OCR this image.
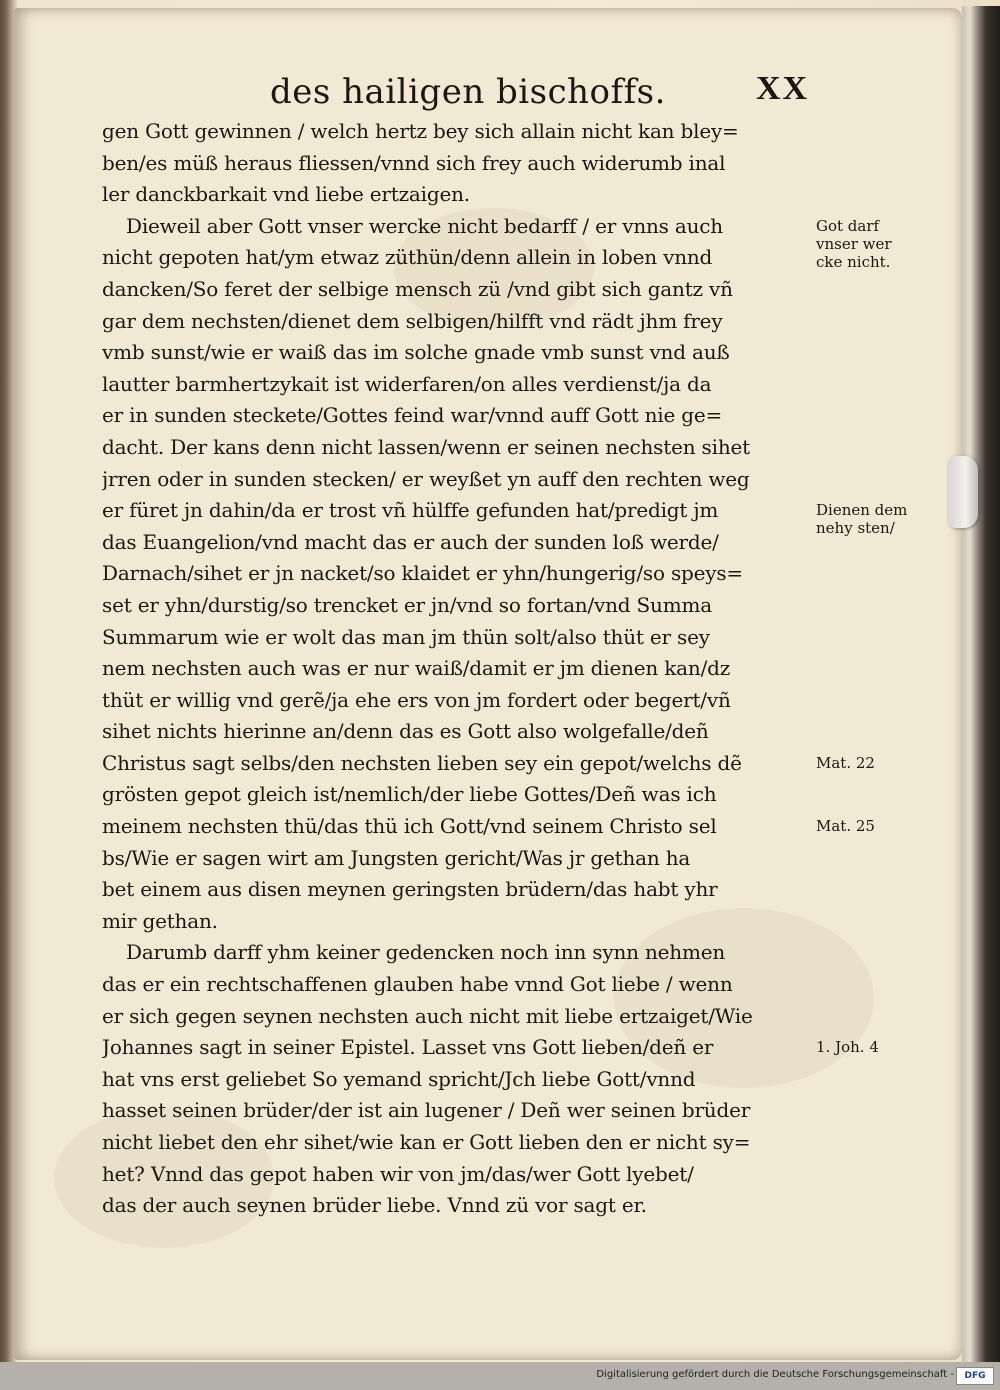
des hailigen bischoffs.	XX
gen Gott gewinnen / welch hertz bey sich allain nicht kan bley=
ben/es müß heraus fliessen/vnnd sich frey auch widerumb inal
ler danckbarkait vnd liebe ertzaigen.
Dieweil aber Gott vnser wercke nicht bedarff / er vnns auch
nicht gepoten hat/ym etwaz züthün/denn allein in loben vnnd
dancken/So feret der selbige mensch zü /vnd gibt sich gantz vñ
gar dem nechsten/dienet dem selbigen/hilfft vnd rädt jhm frey
vmb sunst/wie er waiß das im solche gnade vmb sunst vnd auß
lautter barmhertzykait ist widerfaren/on alles verdienst/ja da
er in sunden steckete/Gottes feind war/vnnd auff Gott nie ge=
dacht. Der kans denn nicht lassen/wenn er seinen nechsten sihet
jrren oder in sunden stecken/ er weyßet yn auff den rechten weg
er füret jn dahin/da er trost vñ hülffe gefunden hat/predigt jm
das Euangelion/vnd macht das er auch der sunden loß werde/
Darnach/sihet er jn nacket/so klaidet er yhn/hungerig/so speys=
set er yhn/durstig/so trencket er jn/vnd so fortan/vnd Summa
Summarum wie er wolt das man jm thün solt/also thüt er sey
nem nechsten auch was er nur waiß/damit er jm dienen kan/dz
thüt er willig vnd gerẽ/ja ehe ers von jm fordert oder begert/vñ
sihet nichts hierinne an/denn das es Gott also wolgefalle/deñ
Christus sagt selbs/den nechsten lieben sey ein gepot/welchs dẽ
grösten gepot gleich ist/nemlich/der liebe Gottes/Deñ was ich
meinem nechsten thü/das thü ich Gott/vnd seinem Christo sel
bs/Wie er sagen wirt am Jungsten gericht/Was jr gethan ha
bet einem aus disen meynen geringsten brüdern/das habt yhr
mir gethan.
Darumb darff yhm keiner gedencken noch inn synn nehmen
das er ein rechtschaffenen glauben habe vnnd Got liebe / wenn
er sich gegen seynen nechsten auch nicht mit liebe ertzaiget/Wie
Johannes sagt in seiner Epistel. Lasset vns Gott lieben/deñ er
hat vns erst geliebet So yemand spricht/Jch liebe Gott/vnnd
hasset seinen brüder/der ist ain lugener / Deñ wer seinen brüder
nicht liebet den ehr sihet/wie kan er Gott lieben den er nicht sy=
het? Vnnd das gepot haben wir von jm/das/wer Gott lyebet/
das der auch seynen brüder liebe. Vnnd zü vor sagt er.
Got darf vnser wer cke nicht.
Dienen dem nehy sten/
Mat. 22
Mat. 25
1. Joh. 4
Digitalisierung gefördert durch die Deutsche Forschungsgemeinschaft -	DFG
